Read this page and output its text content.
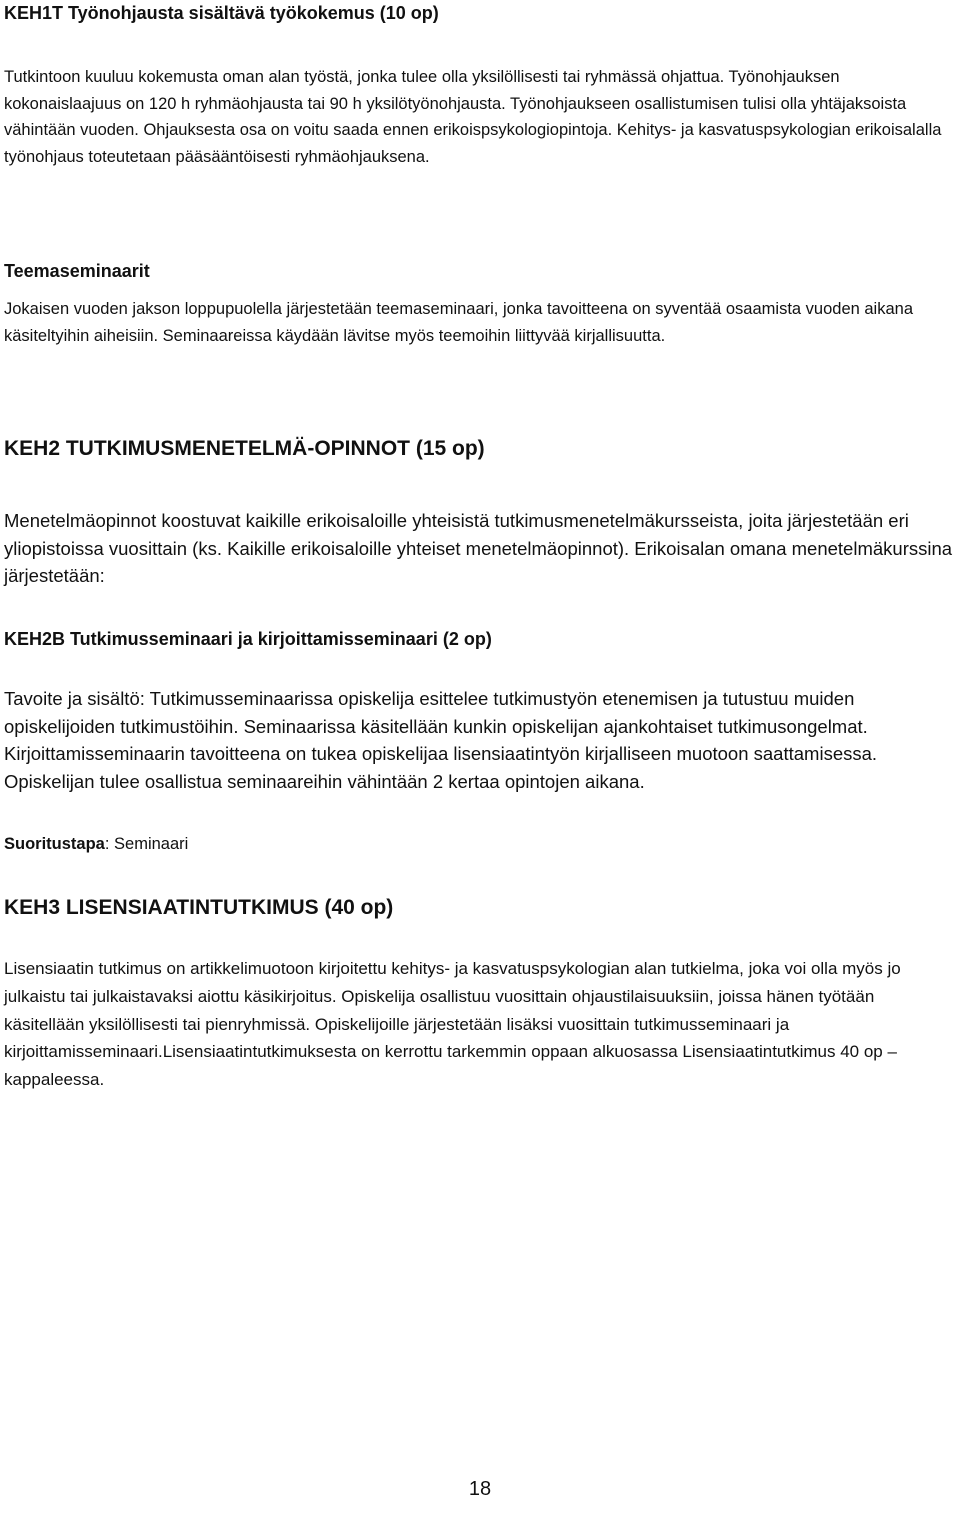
KEH1T Työnohjausta sisältävä työkokemus (10 op)

Tutkintoon kuuluu kokemusta oman alan työstä, jonka tulee olla yksilöllisesti tai ryhmässä ohjattua. Työnohjauksen kokonaislaajuus on 120 h ryhmäohjausta tai 90 h yksilötyönohjausta. Työnohjaukseen osallistumisen tulisi olla yhtäjaksoista vähintään vuoden. Ohjauksesta osa on voitu saada ennen erikoispsykologiopintoja. Kehitys- ja kasvatuspsykologian erikoisalalla työnohjaus toteutetaan pääsääntöisesti ryhmäohjauksena.

Teemaseminaarit

Jokaisen vuoden jakson loppupuolella järjestetään teemaseminaari, jonka tavoitteena on syventää osaamista vuoden aikana käsiteltyihin aiheisiin. Seminaareissa käydään lävitse myös teemoihin liittyvää kirjallisuutta.

KEH2 TUTKIMUSMENETELMÄ-OPINNOT (15 op)

Menetelmäopinnot koostuvat kaikille erikoisaloille yhteisistä tutkimusmenetelmäkursseista, joita järjestetään eri yliopistoissa vuosittain (ks. Kaikille erikoisaloille yhteiset menetelmäopinnot). Erikoisalan omana menetelmäkurssina järjestetään:

KEH2B Tutkimusseminaari ja kirjoittamisseminaari (2 op)

Tavoite ja sisältö: Tutkimusseminaarissa opiskelija esittelee tutkimustyön etenemisen ja tutustuu muiden opiskelijoiden tutkimustöihin. Seminaarissa käsitellään kunkin opiskelijan ajankohtaiset tutkimusongelmat. Kirjoittamisseminaarin tavoitteena on tukea opiskelijaa lisensiaatintyön kirjalliseen muotoon saattamisessa. Opiskelijan tulee osallistua seminaareihin vähintään 2 kertaa opintojen aikana.

Suoritustapa: Seminaari

KEH3 LISENSIAATINTUTKIMUS (40 op)

Lisensiaatin tutkimus on artikkelimuotoon kirjoitettu kehitys- ja kasvatuspsykologian alan tutkielma, joka voi olla myös jo julkaistu tai julkaistavaksi aiottu käsikirjoitus. Opiskelija osallistuu vuosittain ohjaustilaisuuksiin, joissa hänen työtään käsitellään yksilöllisesti tai pienryhmissä. Opiskelijoille järjestetään lisäksi vuosittain tutkimusseminaari ja kirjoittamisseminaari.Lisensiaatintutkimuksesta on kerrottu tarkemmin oppaan alkuosassa Lisensiaatintutkimus 40 op – kappaleessa.

18
